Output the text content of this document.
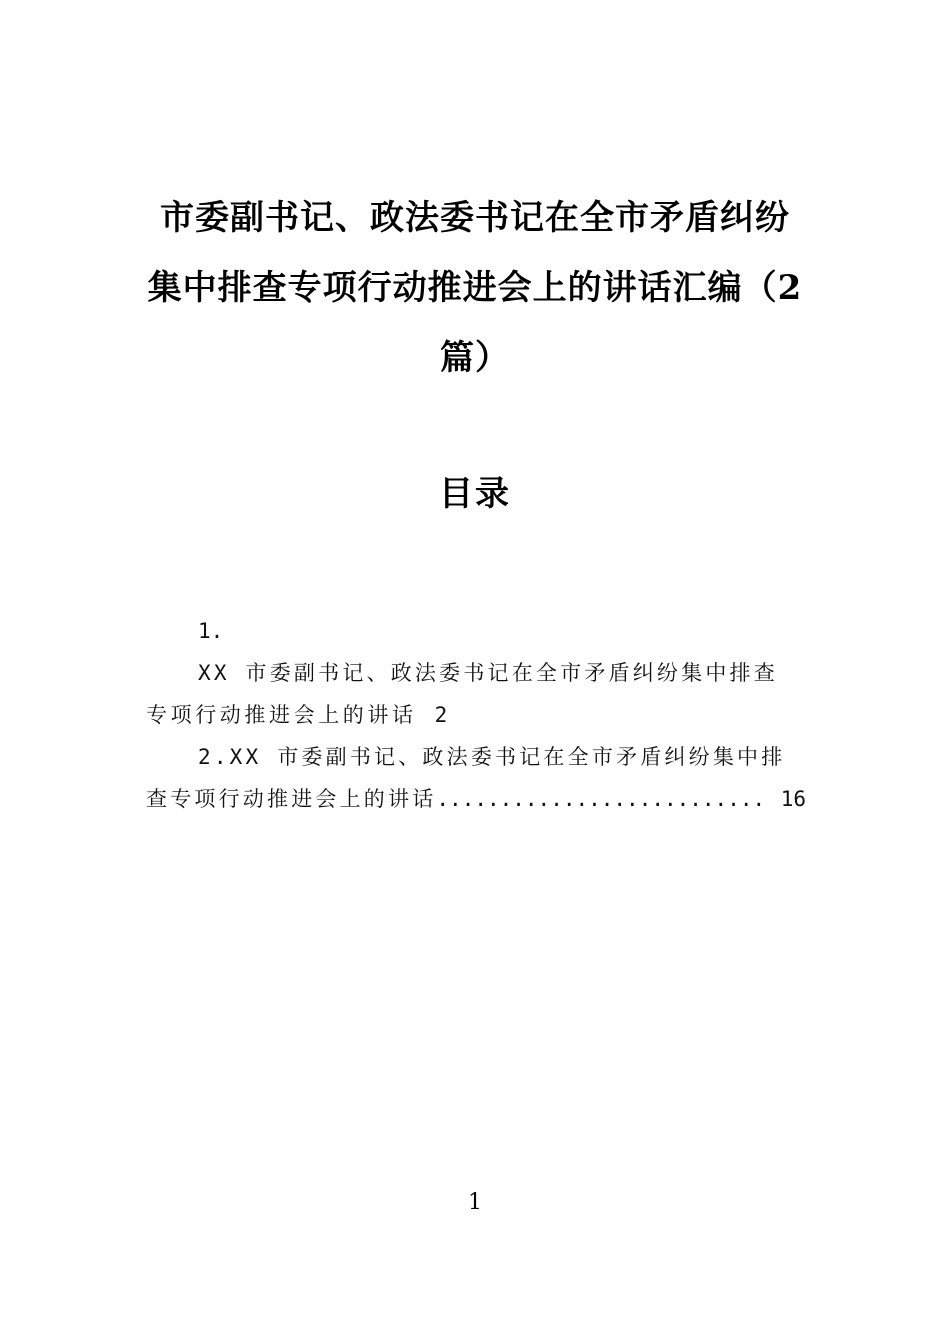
市委副书记、政法委书记在全市矛盾纠纷
集中排查专项行动推进会上的讲话汇编（2
篇）
目录
1.
XX 市委副书记、政法委书记在全市矛盾纠纷集中排查
专项行动推进会上的讲话 2
2.XX 市委副书记、政法委书记在全市矛盾纠纷集中排
查专项行动推进会上的讲话 .......................... 16
1
